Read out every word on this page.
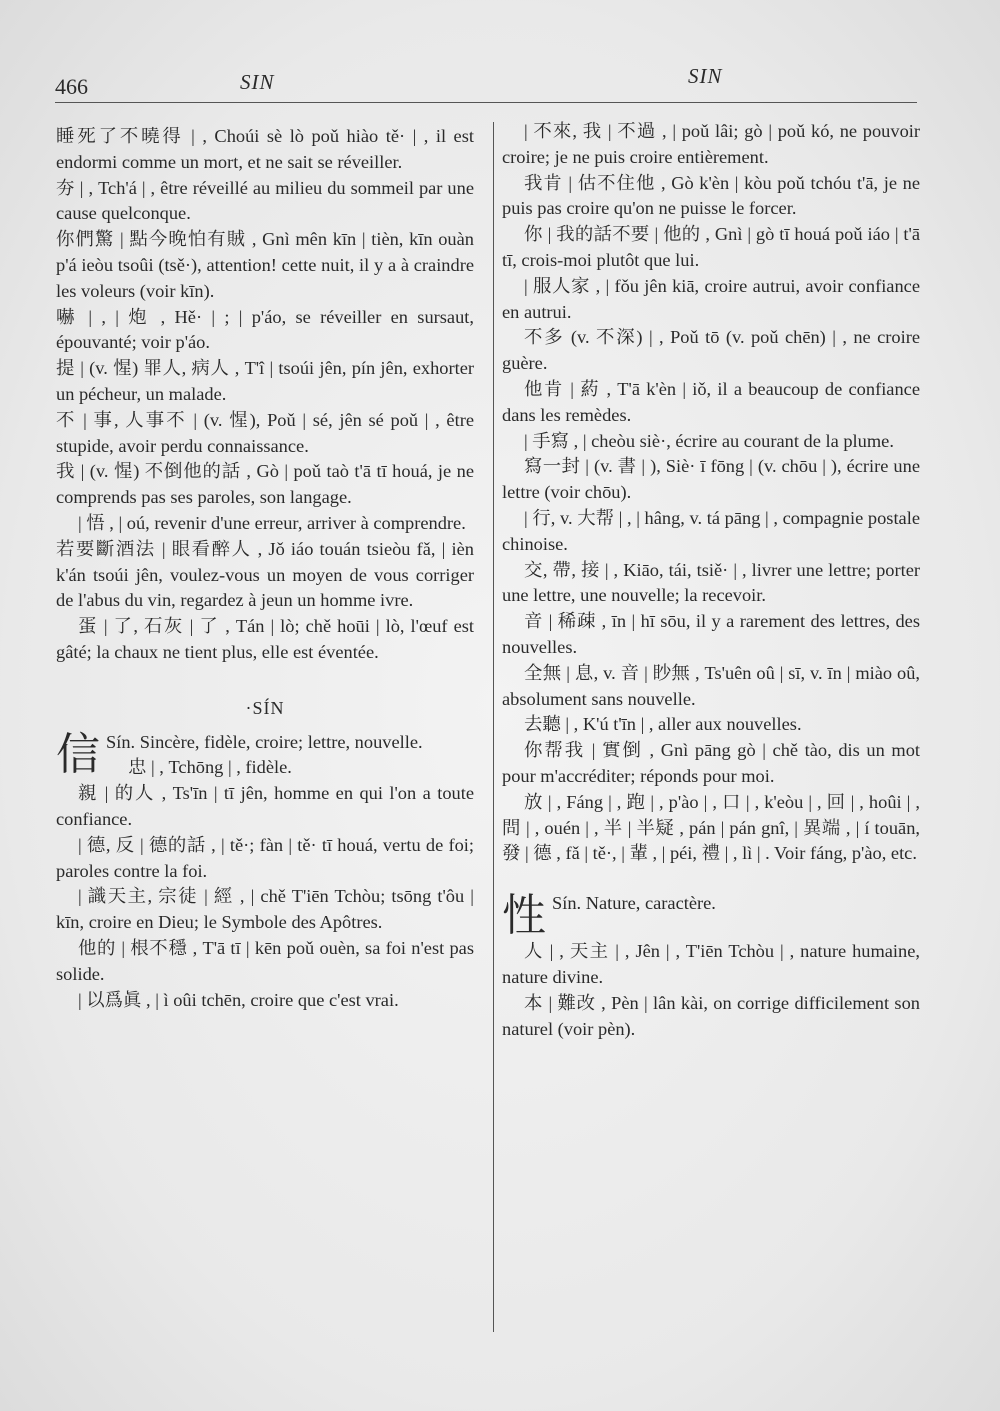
466	SIN	SIN

睡死了不曉得 | , Choúi sè lò poǔ hiào tě· | , il est endormi comme un mort, et ne sait se réveiller.

夯 | , Tch'á | , être réveillé au milieu du sommeil par une cause quelconque.

你們驚 | 點今晚怕有賊 , Gnì mên kīn | tièn, kīn ouàn p'á ieòu tsoûi (tsě·), attention! cette nuit, il y a à craindre les voleurs (voir kīn).

嚇 | , | 炮 , Hě· | ; | p'áo, se réveiller en sursaut, épouvanté; voir p'áo.

提 | (v. 惺) 罪人, 病人 , T'î | tsoúi jên, pín jên, exhorter un pécheur, un malade.

不 | 事, 人事不 | (v. 惺), Poǔ | sé, jên sé poǔ | , être stupide, avoir perdu connaissance.

我 | (v. 惺) 不倒他的話 , Gò | poǔ taò t'ā tī houá, je ne comprends pas ses paroles, son langage.

| 悟 , | oú, revenir d'une erreur, arriver à comprendre.

若要斷酒法 | 眼看醉人 , Jǒ iáo touán tsieòu fǎ, | ièn k'án tsoúi jên, voulez-vous un moyen de vous corriger de l'abus du vin, regardez à jeun un homme ivre.

蛋 | 了, 石灰 | 了 , Tán | lò; chě hoūi | lò, l'œuf est gâté; la chaux ne tient plus, elle est éventée.

·SÍN
信 Sín. Sincère, fidèle, croire; lettre, nouvelle.

忠 | , Tchōng | , fidèle.

親 | 的人 , Ts'īn | tī jên, homme en qui l'on a toute confiance.

| 德, 反 | 德的話 , | tě·; fàn | tě· tī houá, vertu de foi; paroles contre la foi.

| 識天主, 宗徒 | 經 , | chě T'iēn Tchòu; tsōng t'ôu | kīn, croire en Dieu; le Symbole des Apôtres.

他的 | 根不穩 , T'ā tī | kēn poǔ ouèn, sa foi n'est pas solide.

| 以爲眞 , | ì oûi tchēn, croire que c'est vrai.

| 不來, 我 | 不過 , | poǔ lâi; gò | poǔ kó, ne pouvoir croire; je ne puis croire entièrement.

我肯 | 估不住他 , Gò k'èn | kòu poǔ tchóu t'ā, je ne puis pas croire qu'on ne puisse le forcer.

你 | 我的話不要 | 他的 , Gnì | gò tī houá poǔ iáo | t'ā tī, crois-moi plutôt que lui.

| 服人家 , | fǒu jên kiā, croire autrui, avoir confiance en autrui.

不多 (v. 不深) | , Poǔ tō (v. poǔ chēn) | , ne croire guère.

他肯 | 葯 , T'ā k'èn | iǒ, il a beaucoup de confiance dans les remèdes.

| 手寫 , | cheòu siè·, écrire au courant de la plume.

寫一封 | (v. 書 | ), Siè· ī fōng | (v. chōu | ), écrire une lettre (voir chōu).

| 行, v. 大帮 | , | hâng, v. tá pāng | , compagnie postale chinoise.

交, 帶, 接 | , Kiāo, tái, tsiě· | , livrer une lettre; porter une lettre, une nouvelle; la recevoir.

音 | 稀疎 , īn | hī sōu, il y a rarement des lettres, des nouvelles.

全無 | 息, v. 音 | 眇無 , Ts'uên oû | sī, v. īn | miào oû, absolument sans nouvelle.

去聽 | , K'ú t'īn | , aller aux nouvelles.

你帮我 | 實倒 , Gnì pāng gò | chě tào, dis un mot pour m'accréditer; réponds pour moi.

放 | , Fáng | , 跑 | , p'ào | , 口 | , k'eòu | , 回 | , hoûi | , 問 | , ouén | , 半 | 半疑 , pán | pán gnî, | 異端 , | í touān, 發 | 德 , fǎ | tě·, | 輩 , | péi, 禮 | , lì | . Voir fáng, p'ào, etc.

性 Sín. Nature, caractère.

人 | , 天主 | , Jên | , T'iēn Tchòu | , nature humaine, nature divine.

本 | 難改 , Pèn | lân kài, on corrige difficilement son naturel (voir pèn).
